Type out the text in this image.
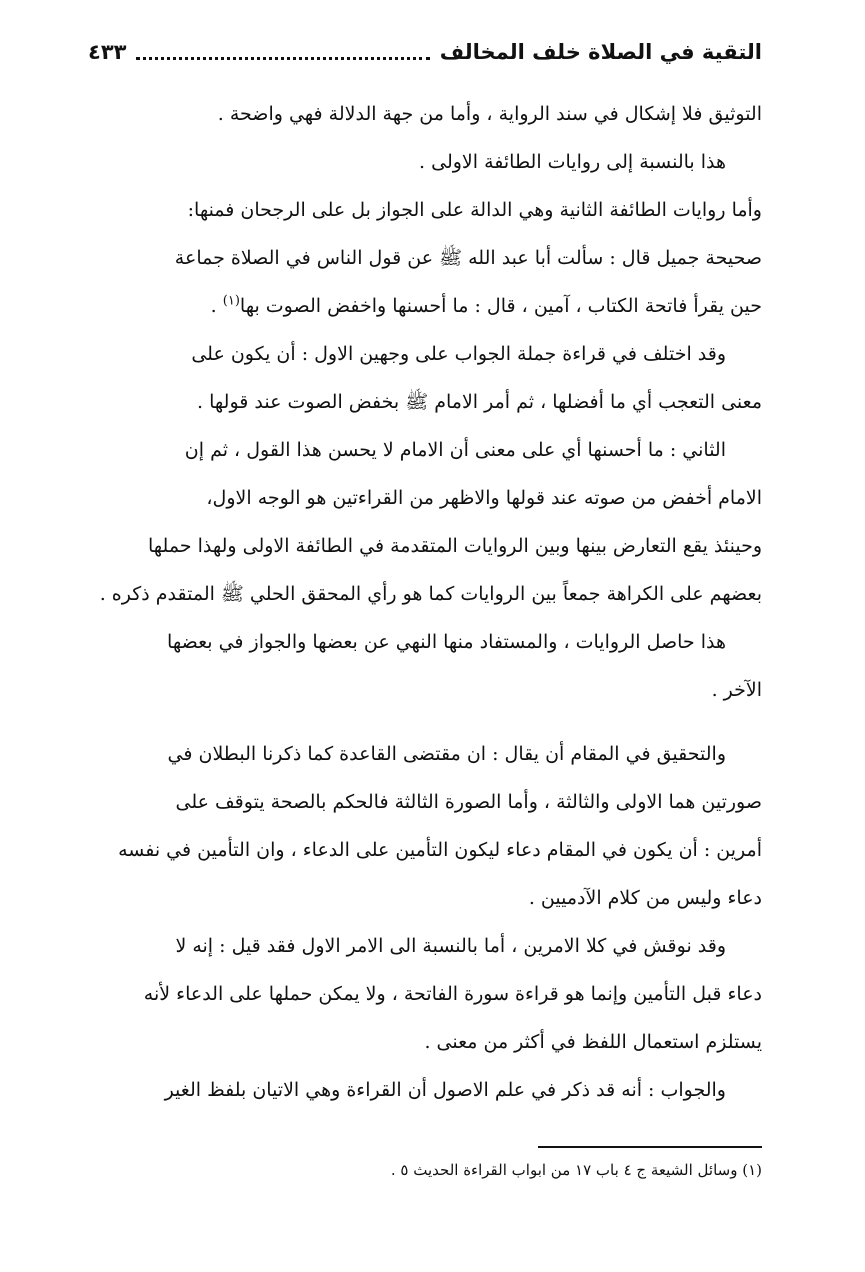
التقية في الصلاة خلف المخالف
٤٣٣
التوثيق فلا إشكال في سند الرواية ، وأما من جهة الدلالة فهي واضحة .
هذا بالنسبة إلى روايات الطائفة الاولى .
وأما روايات الطائفة الثانية وهي الدالة على الجواز بل على الرجحان فمنها:
صحيحة جميل قال : سألت أبا عبد الله ﷺ عن قول الناس في الصلاة جماعة
حين يقرأ فاتحة الكتاب ، آمين ، قال : ما أحسنها واخفض الصوت بها$^{(١)}$ .
وقد اختلف في قراءة جملة الجواب على وجهين الاول : أن يكون على
معنى التعجب أي ما أفضلها ، ثم أمر الامام ﷺ بخفض الصوت عند قولها .
الثاني : ما أحسنها أي على معنى أن الامام لا يحسن هذا القول ، ثم إن
الامام أخفض من صوته عند قولها والاظهر من القراءتين هو الوجه الاول،
وحينئذ يقع التعارض بينها وبين الروايات المتقدمة في الطائفة الاولى ولهذا حملها
بعضهم على الكراهة جمعاً بين الروايات كما هو رأي المحقق الحلي ﷺ المتقدم ذكره .
هذا حاصل الروايات ، والمستفاد منها النهي عن بعضها والجواز في بعضها
الآخر .
والتحقيق في المقام أن يقال : ان مقتضى القاعدة كما ذكرنا البطلان في
صورتين هما الاولى والثالثة ، وأما الصورة الثالثة فالحكم بالصحة يتوقف على
أمرين : أن يكون في المقام دعاء ليكون التأمين على الدعاء ، وان التأمين في نفسه
دعاء وليس من كلام الآدميين .
وقد نوقش في كلا الامرين ، أما بالنسبة الى الامر الاول فقد قيل : إنه لا
دعاء قبل التأمين وإنما هو قراءة سورة الفاتحة ، ولا يمكن حملها على الدعاء لأنه
يستلزم استعمال اللفظ في أكثر من معنى .
والجواب : أنه قد ذكر في علم الاصول أن القراءة وهي الاتيان بلفظ الغير
(١) وسائل الشيعة ج ٤ باب ١٧ من ابواب القراءة الحديث ٥ .
